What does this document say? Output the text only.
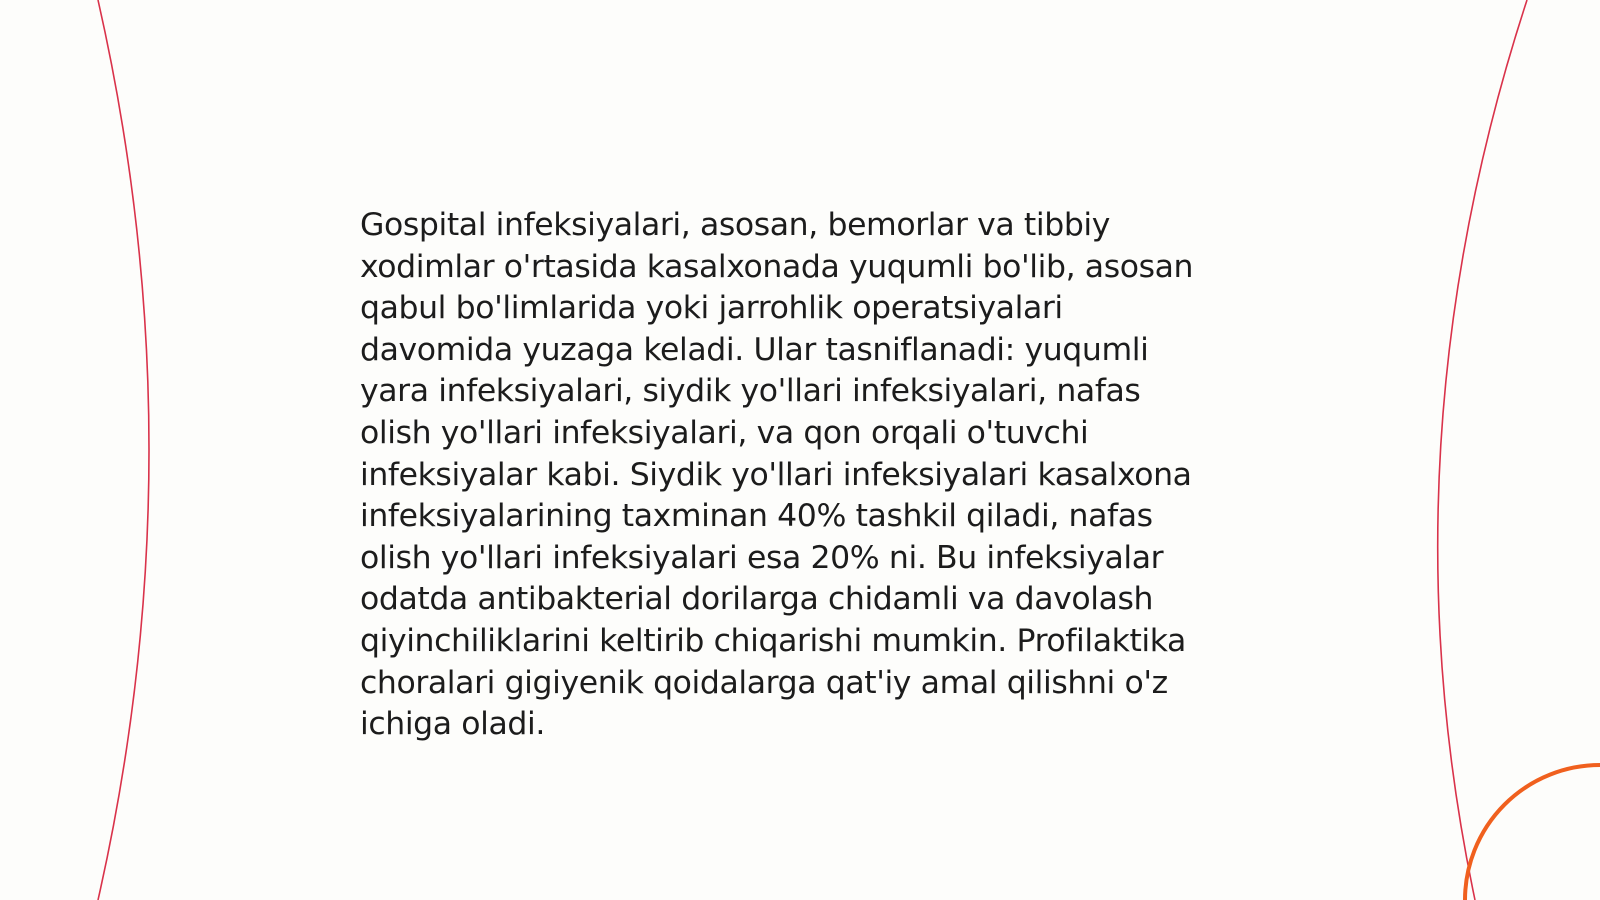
Gospital infeksiyalari, asosan, bemorlar va tibbiy
xodimlar o'rtasida kasalxonada yuqumli bo'lib, asosan
qabul bo'limlarida yoki jarrohlik operatsiyalari
davomida yuzaga keladi. Ular tasniflanadi: yuqumli
yara infeksiyalari, siydik yo'llari infeksiyalari, nafas
olish yo'llari infeksiyalari, va qon orqali o'tuvchi
infeksiyalar kabi. Siydik yo'llari infeksiyalari kasalxona
infeksiyalarining taxminan 40% tashkil qiladi, nafas
olish yo'llari infeksiyalari esa 20% ni. Bu infeksiyalar
odatda antibakterial dorilarga chidamli va davolash
qiyinchiliklarini keltirib chiqarishi mumkin. Profilaktika
choralari gigiyenik qoidalarga qat'iy amal qilishni o'z
ichiga oladi.
